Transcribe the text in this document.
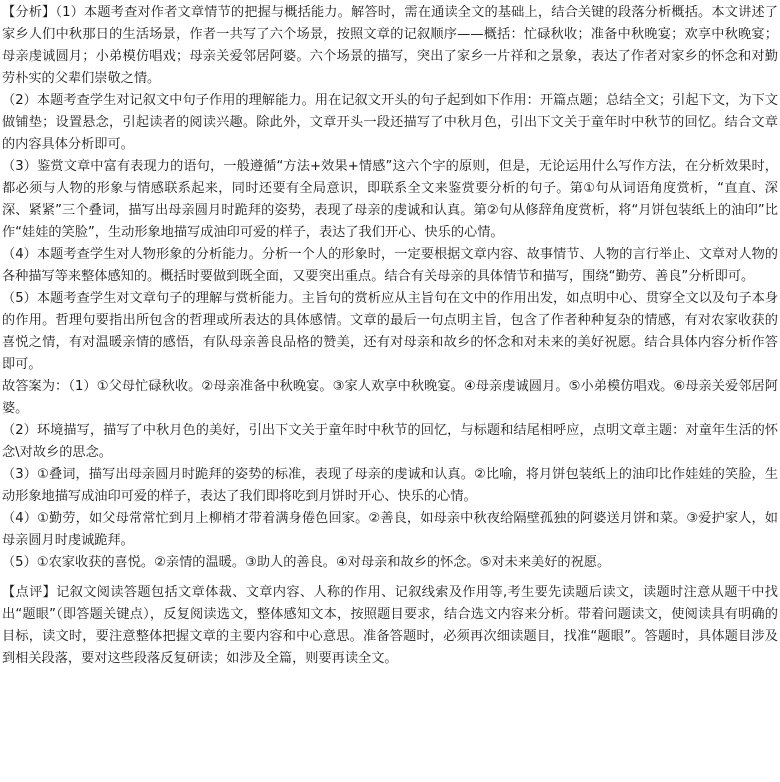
【分析】（1）本题考查对作者文章情节的把握与概括能力。解答时，需在通读全文的基础上，结合关键的段落分析概括。本文讲述了家乡人们中秋那日的生活场景，作者一共写了六个场景，按照文章的记叙顺序——概括：忙碌秋收；准备中秋晚宴；欢享中秋晚宴；母亲虔诚圆月；小弟模仿唱戏；母亲关爱邻居阿婆。六个场景的描写，突出了家乡一片祥和之景象，表达了作者对家乡的怀念和对勤劳朴实的父辈们崇敬之情。

（2）本题考查学生对记叙文中句子作用的理解能力。用在记叙文开头的句子起到如下作用：开篇点题；总结全文；引起下文，为下文做铺垫；设置悬念，引起读者的阅读兴趣。除此外，文章开头一段还描写了中秋月色，引出下文关于童年时中秋节的回忆。结合文章的内容具体分析即可。

（3）鉴赏文章中富有表现力的语句，一般遵循“方法+效果+情感”这六个字的原则，但是，无论运用什么写作方法，在分析效果时，都必须与人物的形象与情感联系起来，同时还要有全局意识，即联系全文来鉴赏要分析的句子。第①句从词语角度赏析，“直直、深深、紧紧”三个叠词，描写出母亲圆月时跪拜的姿势，表现了母亲的虔诚和认真。第②句从修辞角度赏析，将“月饼包装纸上的油印”比作“娃娃的笑脸”，生动形象地描写成油印可爱的样子，表达了我们开心、快乐的心情。

（4）本题考查学生对人物形象的分析能力。分析一个人的形象时，一定要根据文章内容、故事情节、人物的言行举止、文章对人物的各种描写等来整体感知的。概括时要做到既全面，又要突出重点。结合有关母亲的具体情节和描写，围绕“勤劳、善良”分析即可。

（5）本题考查学生对文章句子的理解与赏析能力。主旨句的赏析应从主旨句在文中的作用出发，如点明中心、贯穿全文以及句子本身的作用。哲理句要指出所包含的哲理或所表达的具体感情。文章的最后一句点明主旨，包含了作者种种复杂的情感，有对农家收获的喜悦之情，有对温暖亲情的感悟，有队母亲善良品格的赞美，还有对母亲和故乡的怀念和对未来的美好祝愿。结合具体内容分析作答即可。

故答案为：（1）①父母忙碌秋收。②母亲准备中秋晚宴。③家人欢享中秋晚宴。④母亲虔诚圆月。⑤小弟模仿唱戏。⑥母亲关爱邻居阿婆。

（2）环境描写，描写了中秋月色的美好，引出下文关于童年时中秋节的回忆，与标题和结尾相呼应，点明文章主题：对童年生活的怀念\对故乡的思念。

（3）①叠词，描写出母亲圆月时跪拜的姿势的标准，表现了母亲的虔诚和认真。②比喻，将月饼包装纸上的油印比作娃娃的笑脸，生动形象地描写成油印可爱的样子，表达了我们即将吃到月饼时开心、快乐的心情。

（4）①勤劳，如父母常常忙到月上柳梢才带着满身倦色回家。②善良，如母亲中秋夜给隔壁孤独的阿婆送月饼和菜。③爱护家人，如母亲圆月时虔诚跪拜。

（5）①农家收获的喜悦。②亲情的温暖。③助人的善良。④对母亲和故乡的怀念。⑤对未来美好的祝愿。

【点评】记叙文阅读答题包括文章体裁、文章内容、人称的作用、记叙线索及作用等,考生要先读题后读文，读题时注意从题干中找出“题眼”（即答题关键点），反复阅读选文，整体感知文本，按照题目要求，结合选文内容来分析。带着问题读文，使阅读具有明确的目标，读文时，要注意整体把握文章的主要内容和中心意思。准备答题时，必须再次细读题目，找准“题眼”。答题时，具体题目涉及到相关段落，要对这些段落反复研读；如涉及全篇，则要再读全文。
